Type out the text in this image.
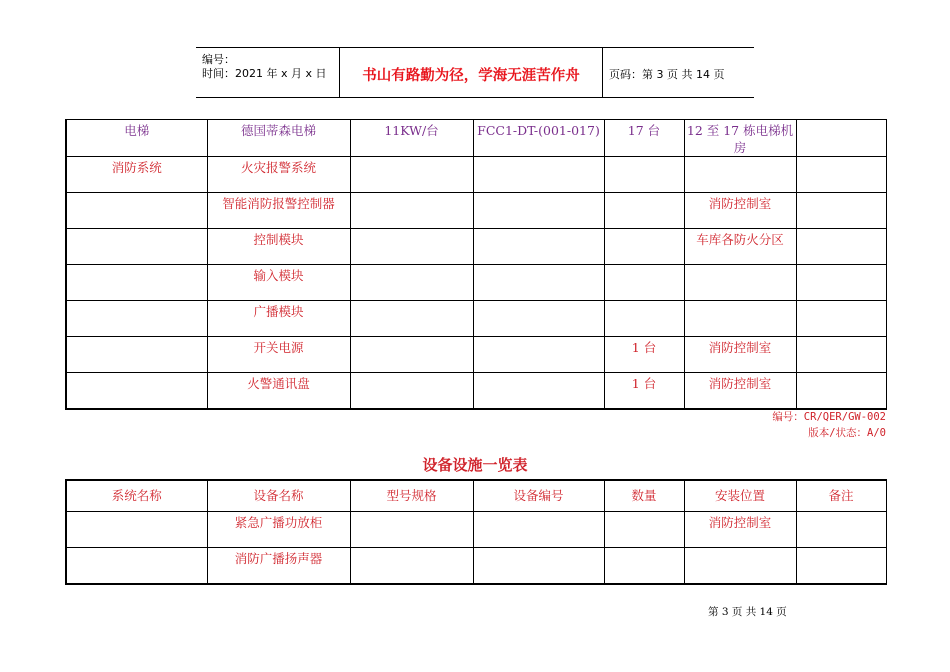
编号：
时间：2021 年 x 月 x 日	书山有路勤为径，学海无涯苦作舟	页码：第 3 页 共 14 页
电梯	德国蒂森电梯	11KW/台	FCC1-DT-(001-017)	17 台	12 至 17 栋电梯机房	
消防系统	火灾报警系统					
	智能消防报警控制器				消防控制室	
	控制模块				车库各防火分区	
	输入模块					
	广播模块					
	开关电源			1 台	消防控制室	
	火警通讯盘			1 台	消防控制室	
编号：CR/QER/GW-002
版本/状态：A/0
设备设施一览表
系统名称	设备名称	型号规格	设备编号	数量	安装位置	备注
	紧急广播功放柜				消防控制室	
	消防广播扬声器					
第 3 页 共 14 页
